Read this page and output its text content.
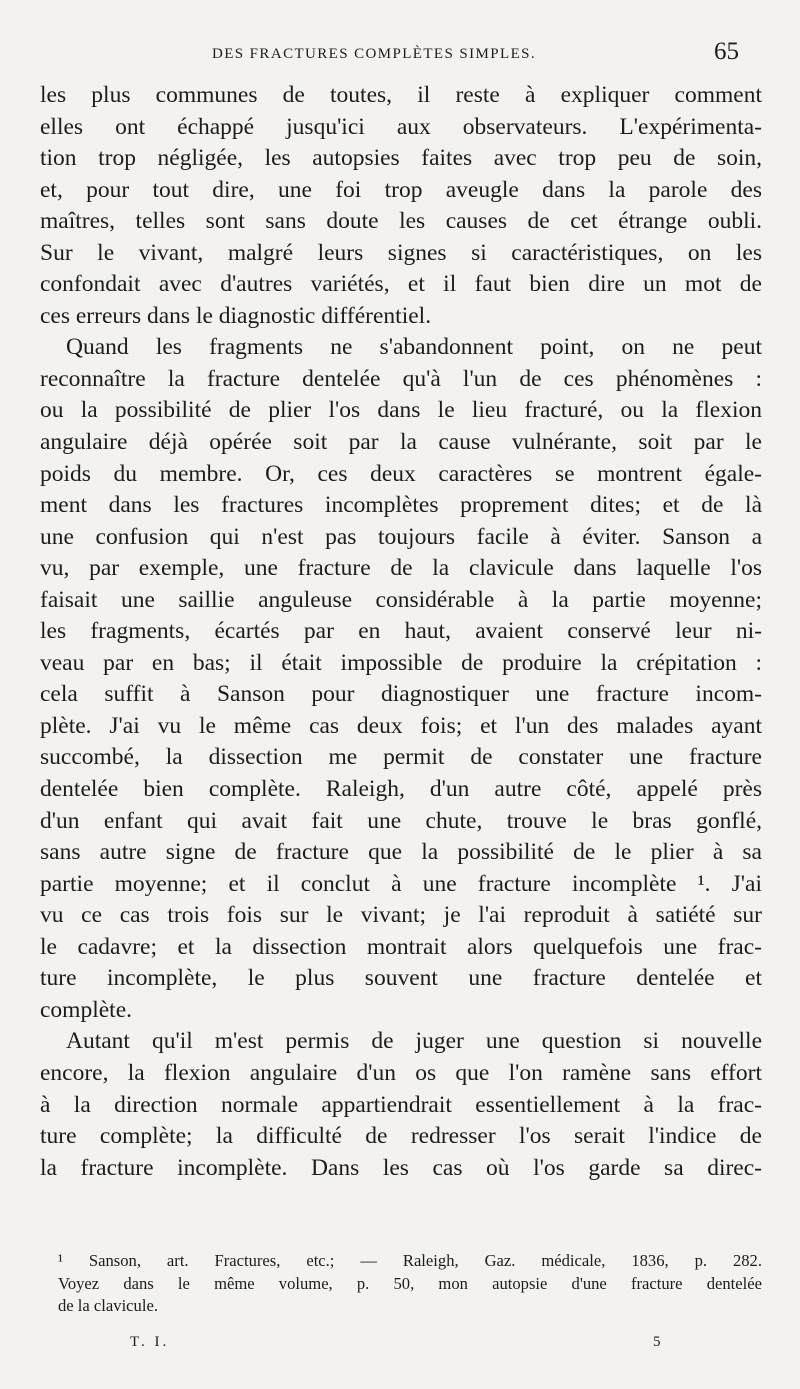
DES FRACTURES COMPLÈTES SIMPLES.	65
les plus communes de toutes, il reste à expliquer comment
elles ont échappé jusqu'ici aux observateurs. L'expérimenta-
tion trop négligée, les autopsies faites avec trop peu de soin,
et, pour tout dire, une foi trop aveugle dans la parole des
maîtres, telles sont sans doute les causes de cet étrange oubli.
Sur le vivant, malgré leurs signes si caractéristiques, on les
confondait avec d'autres variétés, et il faut bien dire un mot de
ces erreurs dans le diagnostic différentiel.
Quand les fragments ne s'abandonnent point, on ne peut
reconnaître la fracture dentelée qu'à l'un de ces phénomènes :
ou la possibilité de plier l'os dans le lieu fracturé, ou la flexion
angulaire déjà opérée soit par la cause vulnérante, soit par le
poids du membre. Or, ces deux caractères se montrent égale-
ment dans les fractures incomplètes proprement dites; et de là
une confusion qui n'est pas toujours facile à éviter. Sanson a
vu, par exemple, une fracture de la clavicule dans laquelle l'os
faisait une saillie anguleuse considérable à la partie moyenne;
les fragments, écartés par en haut, avaient conservé leur ni-
veau par en bas; il était impossible de produire la crépitation :
cela suffit à Sanson pour diagnostiquer une fracture incom-
plète. J'ai vu le même cas deux fois; et l'un des malades ayant
succombé, la dissection me permit de constater une fracture
dentelée bien complète. Raleigh, d'un autre côté, appelé près
d'un enfant qui avait fait une chute, trouve le bras gonflé,
sans autre signe de fracture que la possibilité de le plier à sa
partie moyenne; et il conclut à une fracture incomplète ¹. J'ai
vu ce cas trois fois sur le vivant; je l'ai reproduit à satiété sur
le cadavre; et la dissection montrait alors quelquefois une frac-
ture incomplète, le plus souvent une fracture dentelée et
complète.
Autant qu'il m'est permis de juger une question si nouvelle
encore, la flexion angulaire d'un os que l'on ramène sans effort
à la direction normale appartiendrait essentiellement à la frac-
ture complète; la difficulté de redresser l'os serait l'indice de
la fracture incomplète. Dans les cas où l'os garde sa direc-
¹ Sanson, art. Fractures, etc.; — Raleigh, Gaz. médicale, 1836, p. 282.
Voyez dans le même volume, p. 50, mon autopsie d'une fracture dentelée
de la clavicule.
T. I.	5
